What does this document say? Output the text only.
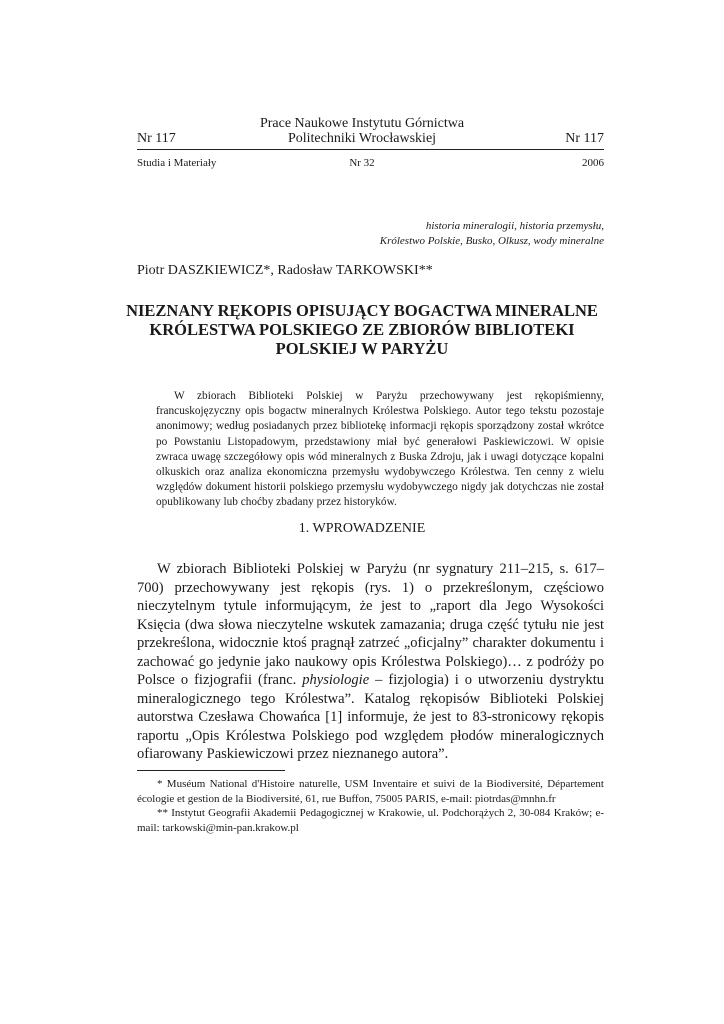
Prace Naukowe Instytutu Górnictwa
Nr 117	Politechniki Wrocławskiej	Nr 117
Studia i Materiały	Nr 32	2006
historia mineralogii, historia przemysłu,
Królestwo Polskie, Busko, Olkusz, wody mineralne
Piotr DASZKIEWICZ*, Radosław TARKOWSKI**
NIEZNANY RĘKOPIS OPISUJĄCY BOGACTWA MINERALNE
KRÓLESTWA POLSKIEGO ZE ZBIORÓW BIBLIOTEKI
POLSKIEJ W PARYŻU
W zbiorach Biblioteki Polskiej w Paryżu przechowywany jest rękopiśmienny, francuskojęzyczny opis bogactw mineralnych Królestwa Polskiego. Autor tego tekstu pozostaje anonimowy; według posiadanych przez bibliotekę informacji rękopis sporządzony został wkrótce po Powstaniu Listopadowym, przedstawiony miał być generałowi Paskiewiczowi. W opisie zwraca uwagę szczegółowy opis wód mineralnych z Buska Zdroju, jak i uwagi dotyczące kopalni olkuskich oraz analiza ekonomiczna przemysłu wydobywczego Królestwa. Ten cenny z wielu względów dokument historii polskiego przemysłu wydobywczego nigdy jak dotychczas nie został opublikowany lub choćby zbadany przez historyków.
1. WPROWADZENIE

W zbiorach Biblioteki Polskiej w Paryżu (nr sygnatury 211–215, s. 617–700) przechowywany jest rękopis (rys. 1) o przekreślonym, częściowo nieczytelnym tytule informującym, że jest to „raport dla Jego Wysokości Księcia (dwa słowa nieczytelne wskutek zamazania; druga część tytułu nie jest przekreślona, widocznie ktoś pragnął zatrzeć „oficjalny” charakter dokumentu i zachować go jedynie jako naukowy opis Królestwa Polskiego)… z podróży po Polsce o fizjografii (franc. physiologie – fizjologia) i o utworzeniu dystryktu mineralogicznego tego Królestwa”. Katalog rękopisów Biblioteki Polskiej autorstwa Czesława Chowańca [1] informuje, że jest to 83-stronicowy rękopis raportu „Opis Królestwa Polskiego pod względem płodów mineralogicznych ofiarowany Paskiewiczowi przez nieznanego autora”.

* Muséum National d'Histoire naturelle, USM Inventaire et suivi de la Biodiversité, Département écologie et gestion de la Biodiversité, 61, rue Buffon, 75005 PARIS, e-mail: piotrdas@mnhn.fr

** Instytut Geografii Akademii Pedagogicznej w Krakowie, ul. Podchorążych 2, 30-084 Kraków; e-mail: tarkowski@min-pan.krakow.pl
